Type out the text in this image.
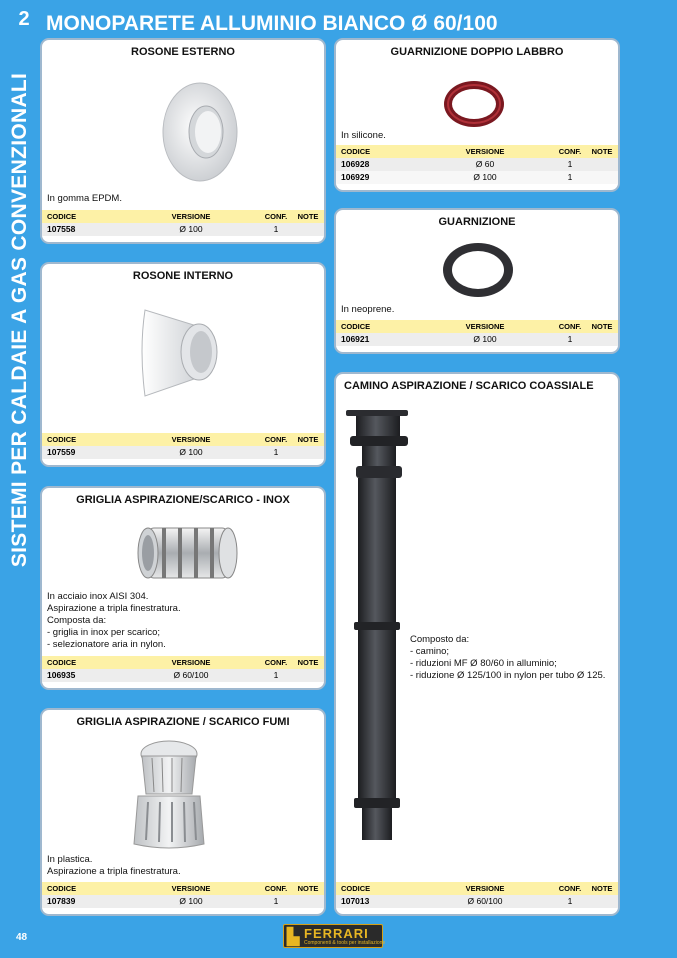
2
SISTEMI PER CALDAIE A GAS CONVENZIONALI
MONOPARETE ALLUMINIO BIANCO Ø 60/100
ROSONE ESTERNO
In gomma EPDM.
CODICE	VERSIONE	CONF.	NOTE
107558	Ø 100	1
ROSONE INTERNO
CODICE	VERSIONE	CONF.	NOTE
107559	Ø 100	1
GRIGLIA ASPIRAZIONE/SCARICO - INOX
In acciaio inox AISI 304.
Aspirazione a tripla finestratura.
Composta da:
- griglia in inox per scarico;
- selezionatore aria in nylon.
CODICE	VERSIONE	CONF.	NOTE
106935	Ø 60/100	1
GRIGLIA ASPIRAZIONE / SCARICO FUMI
In plastica.
Aspirazione a tripla finestratura.
CODICE	VERSIONE	CONF.	NOTE
107839	Ø 100	1
GUARNIZIONE DOPPIO LABBRO
In silicone.
CODICE	VERSIONE	CONF.	NOTE
106928	Ø 60	1
106929	Ø 100	1
GUARNIZIONE
In neoprene.
CODICE	VERSIONE	CONF.	NOTE
106921	Ø 100	1
CAMINO ASPIRAZIONE / SCARICO COASSIALE
Composto da:
- camino;
- riduzioni MF Ø 80/60 in alluminio;
- riduzione Ø 125/100 in nylon per tubo Ø 125.
CODICE	VERSIONE	CONF.	NOTE
107013	Ø 60/100	1
48	▙ FERRARI
Componenti & tools per installazione
